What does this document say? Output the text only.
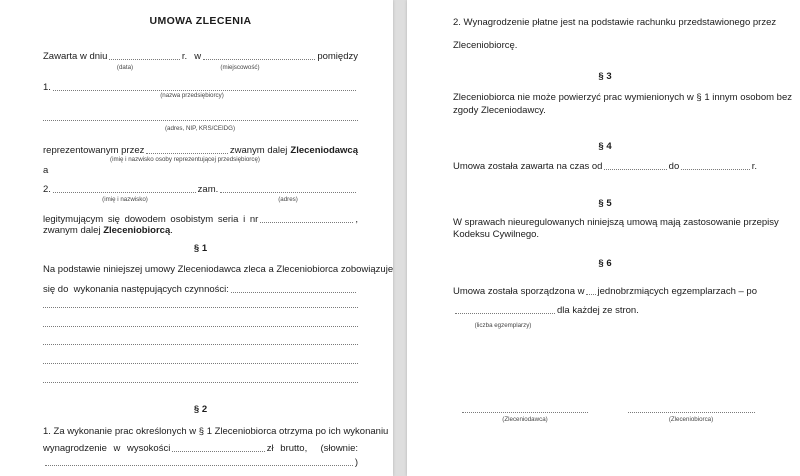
UMOWA ZLECENIA
Zawarta w dniu	r. w	pomiędzy
(data)	(miejscowość)
1.
(nazwa przedsiębiorcy)
(adres, NIP, KRS/CEIDG)
reprezentowanym przez	zwanym dalej Zleceniodawcą
(imię i nazwisko osoby reprezentującej przedsiębiorcę)
a
2.	zam.
(imię i nazwisko)	(adres)
legitymującym się dowodem osobistym seria i nr	,
zwanym dalej Zleceniobiorcą.
§ 1
Na podstawie niniejszej umowy Zleceniodawca zleca a Zleceniobiorca zobowiązuje
się do  wykonania następujących czynności:
§ 2
1. Za wykonanie prac określonych w § 1 Zleceniobiorca otrzyma po ich wykonaniu
wynagrodzenie w wysokości	zł brutto,  (słownie:
)
2. Wynagrodzenie płatne jest na podstawie rachunku przedstawionego przez
Zleceniobiorcę.
§ 3
Zleceniobiorca nie może powierzyć prac wymienionych w § 1 innym osobom bez
zgody Zleceniodawcy.
§ 4
Umowa została zawarta na czas od	do	r.
§ 5
W sprawach nieuregulowanych niniejszą umową mają zastosowanie przepisy
Kodeksu Cywilnego.
§ 6
Umowa została sporządzona w jednobrzmiących egzemplarzach – po
dla każdej ze stron.
(liczba egzemplarzy)
(Zleceniodawca)	(Zleceniobiorca)
